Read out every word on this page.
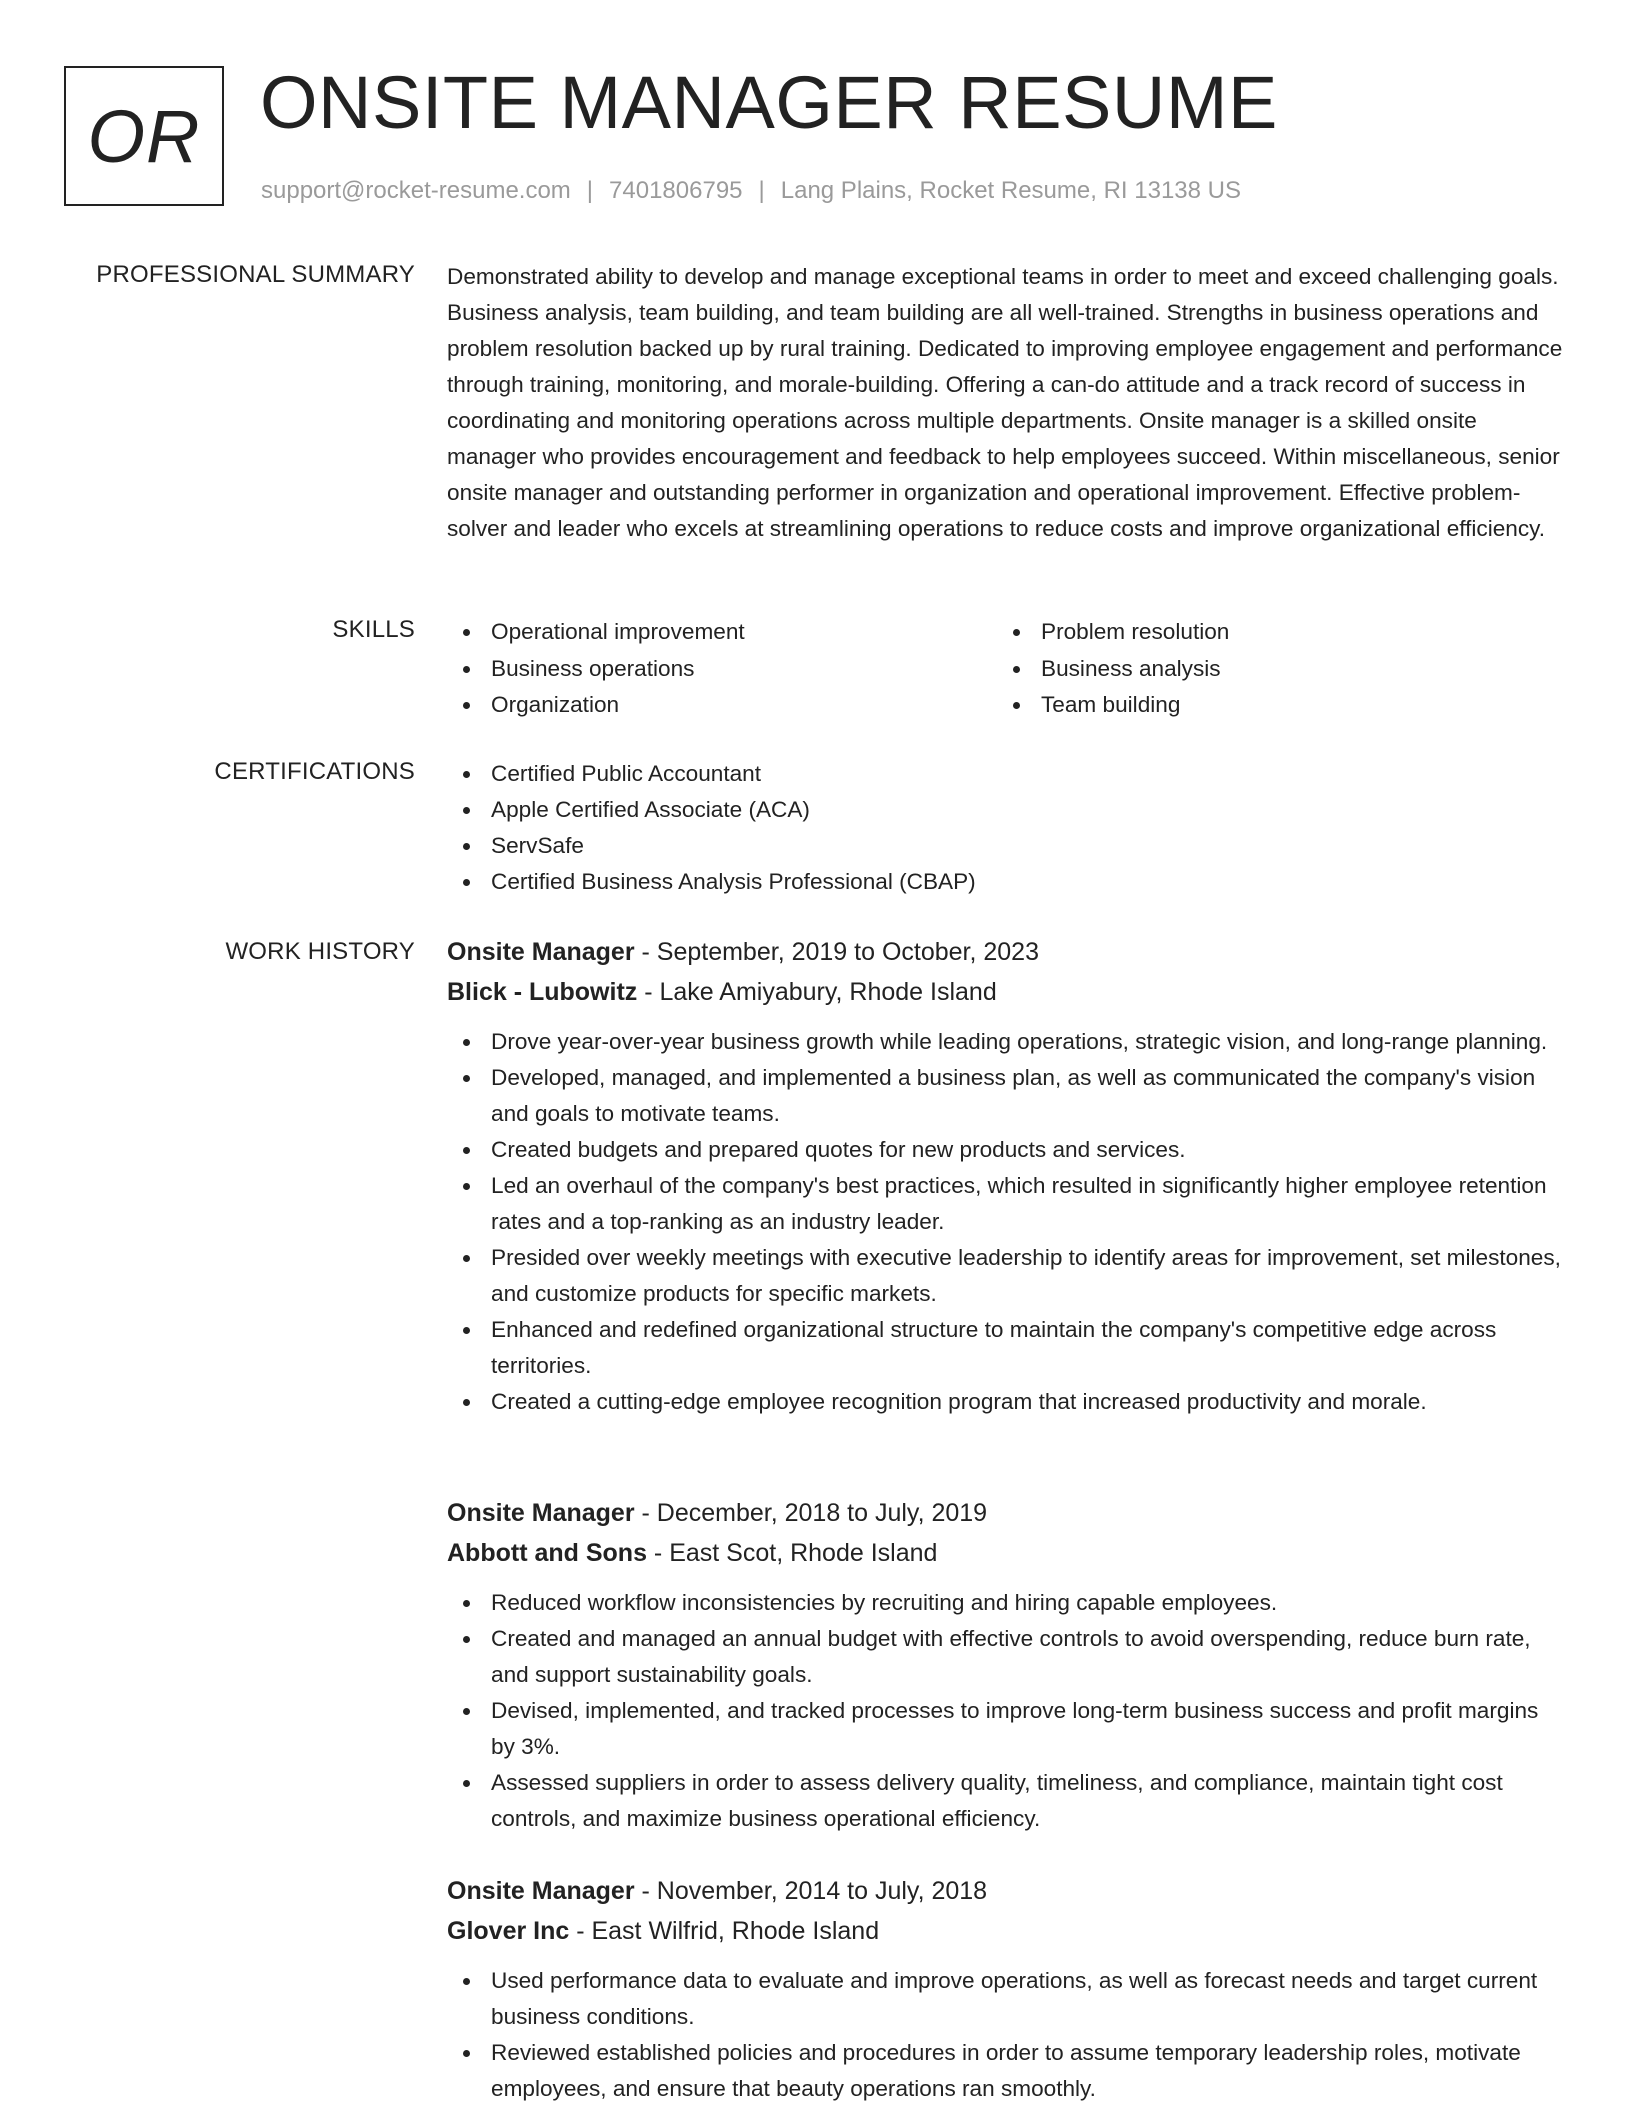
OR ONSITE MANAGER RESUME
support@rocket-resume.com | 7401806795 | Lang Plains, Rocket Resume, RI 13138 US
PROFESSIONAL SUMMARY Demonstrated ability to develop and manage exceptional teams in order to meet and exceed challenging goals. Business analysis, team building, and team building are all well-trained. Strengths in business operations and problem resolution backed up by rural training. Dedicated to improving employee engagement and performance through training, monitoring, and morale-building. Offering a can-do attitude and a track record of success in coordinating and monitoring operations across multiple departments. Onsite manager is a skilled onsite manager who provides encouragement and feedback to help employees succeed. Within miscellaneous, senior onsite manager and outstanding performer in organization and operational improvement. Effective problem-solver and leader who excels at streamlining operations to reduce costs and improve organizational efficiency.

SKILLS	Operational improvement	Problem resolution
Business operations	Business analysis
Organization	Team building
CERTIFICATIONS	Certified Public Accountant
Apple Certified Associate (ACA)
ServSafe
Certified Business Analysis Professional (CBAP)
WORK HISTORY Onsite Manager - September, 2019 to October, 2023
Blick - Lubowitz - Lake Amiyabury, Rhode Island
Drove year-over-year business growth while leading operations, strategic vision, and long-range planning.
Developed, managed, and implemented a business plan, as well as communicated the company's vision and goals to motivate teams.
Created budgets and prepared quotes for new products and services.
Led an overhaul of the company's best practices, which resulted in significantly higher employee retention rates and a top-ranking as an industry leader.
Presided over weekly meetings with executive leadership to identify areas for improvement, set milestones, and customize products for specific markets.
Enhanced and redefined organizational structure to maintain the company's competitive edge across territories.
Created a cutting-edge employee recognition program that increased productivity and morale.
Onsite Manager - December, 2018 to July, 2019
Abbott and Sons - East Scot, Rhode Island
Reduced workflow inconsistencies by recruiting and hiring capable employees.
Created and managed an annual budget with effective controls to avoid overspending, reduce burn rate, and support sustainability goals.
Devised, implemented, and tracked processes to improve long-term business success and profit margins by 3%.
Assessed suppliers in order to assess delivery quality, timeliness, and compliance, maintain tight cost controls, and maximize business operational efficiency.
Onsite Manager - November, 2014 to July, 2018
Glover Inc - East Wilfrid, Rhode Island
Used performance data to evaluate and improve operations, as well as forecast needs and target current business conditions.
Reviewed established policies and procedures in order to assume temporary leadership roles, motivate employees, and ensure that beauty operations ran smoothly.
